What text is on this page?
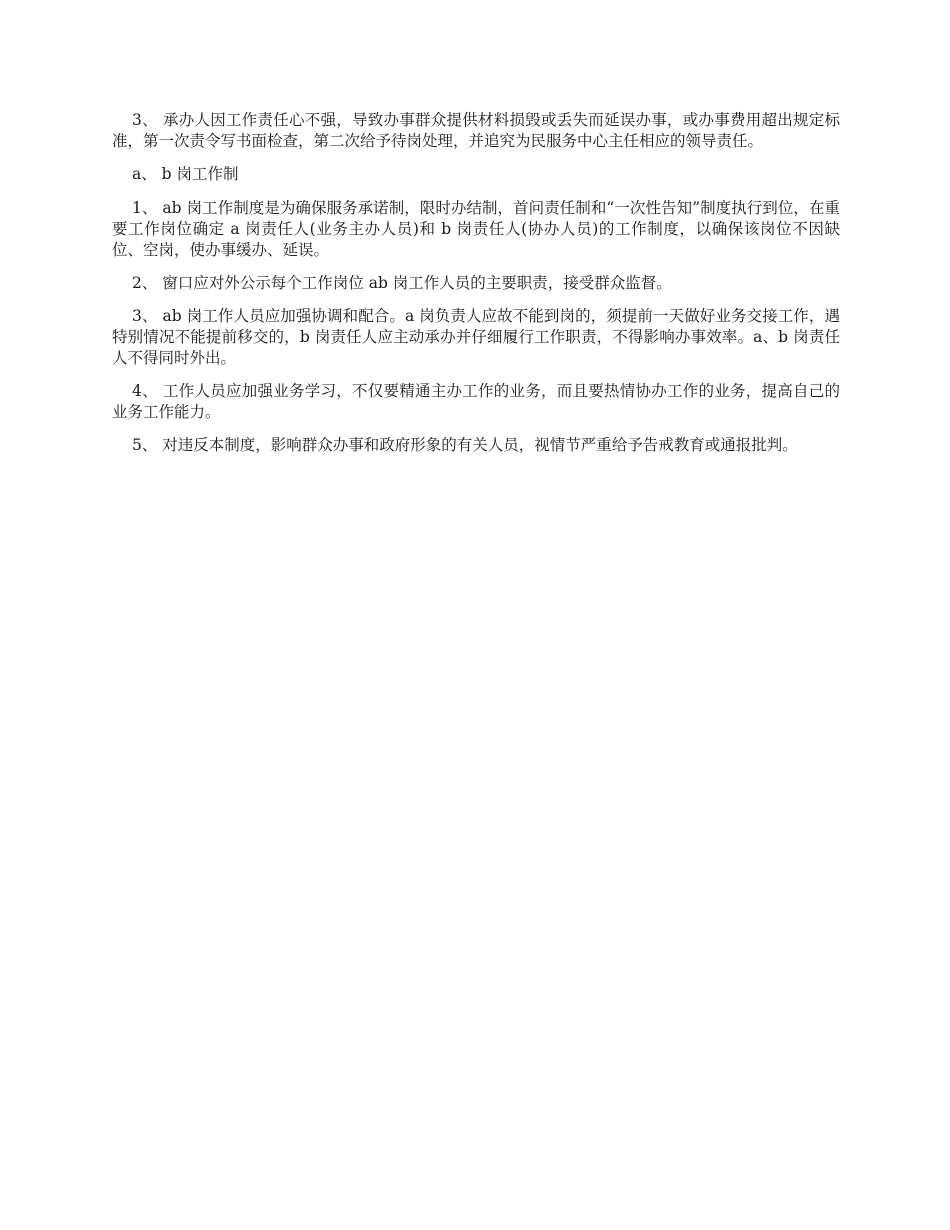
3、 承办人因工作责任心不强，导致办事群众提供材料损毁或丢失而延误办事，或办事费用超出规定标准，第一次责令写书面检查，第二次给予待岗处理，并追究为民服务中心主任相应的领导责任。

a、 b 岗工作制

1、 ab 岗工作制度是为确保服务承诺制，限时办结制，首问责任制和“一次性告知”制度执行到位，在重要工作岗位确定 a 岗责任人(业务主办人员)和 b 岗责任人(协办人员)的工作制度，以确保该岗位不因缺位、空岗，使办事缓办、延误。

2、 窗口应对外公示每个工作岗位 ab 岗工作人员的主要职责，接受群众监督。

3、 ab 岗工作人员应加强协调和配合。a 岗负责人应故不能到岗的，须提前一天做好业务交接工作，遇特别情况不能提前移交的，b 岗责任人应主动承办并仔细履行工作职责，不得影响办事效率。a、b 岗责任人不得同时外出。

4、 工作人员应加强业务学习，不仅要精通主办工作的业务，而且要热情协办工作的业务，提高自己的业务工作能力。

5、 对违反本制度，影响群众办事和政府形象的有关人员，视情节严重给予告戒教育或通报批判。
